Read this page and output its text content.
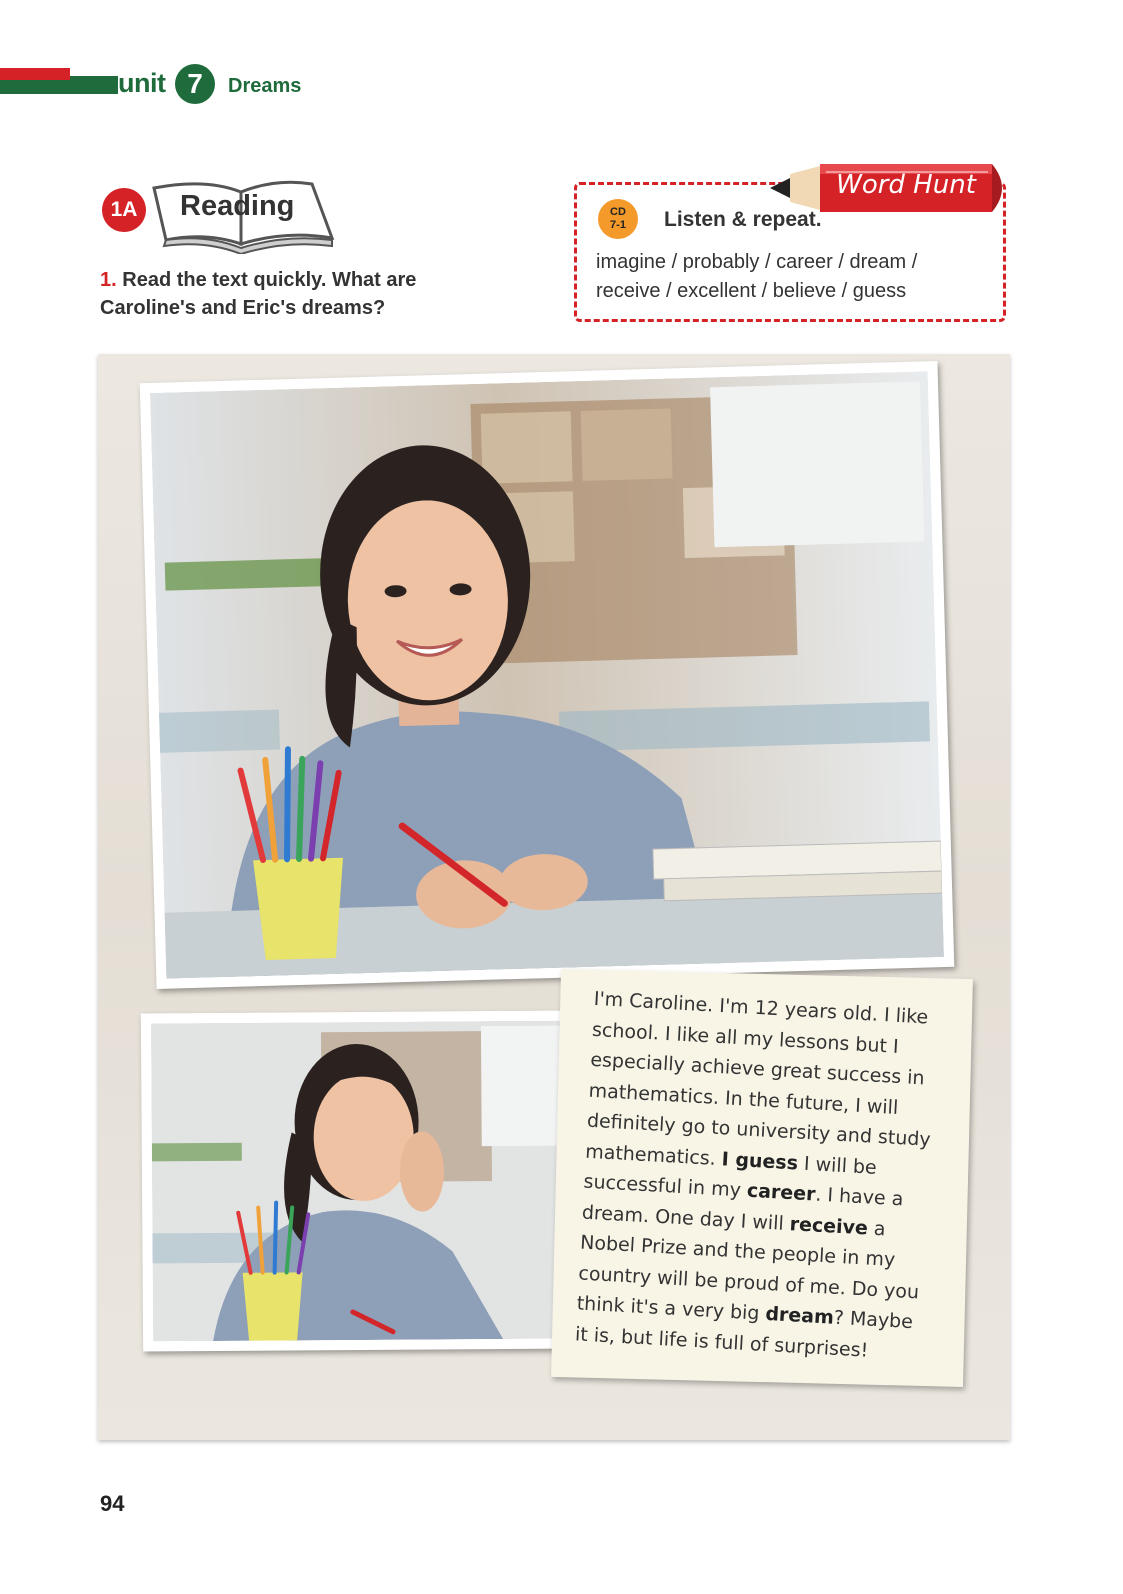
unit 7	Dreams
1A Reading
1. Read the text quickly. What are Caroline's and Eric's dreams?
Word Hunt
CD
7-1	Listen & repeat.
imagine / probably / career / dream /
receive / excellent / believe / guess
I'm Caroline. I'm 12 years old. I like school. I like all my lessons but I especially achieve great success in mathematics. In the future, I will definitely go to university and study mathematics. I guess I will be successful in my career. I have a dream. One day I will receive a Nobel Prize and the people in my country will be proud of me. Do you think it's a very big dream? Maybe it is, but life is full of surprises!
94
